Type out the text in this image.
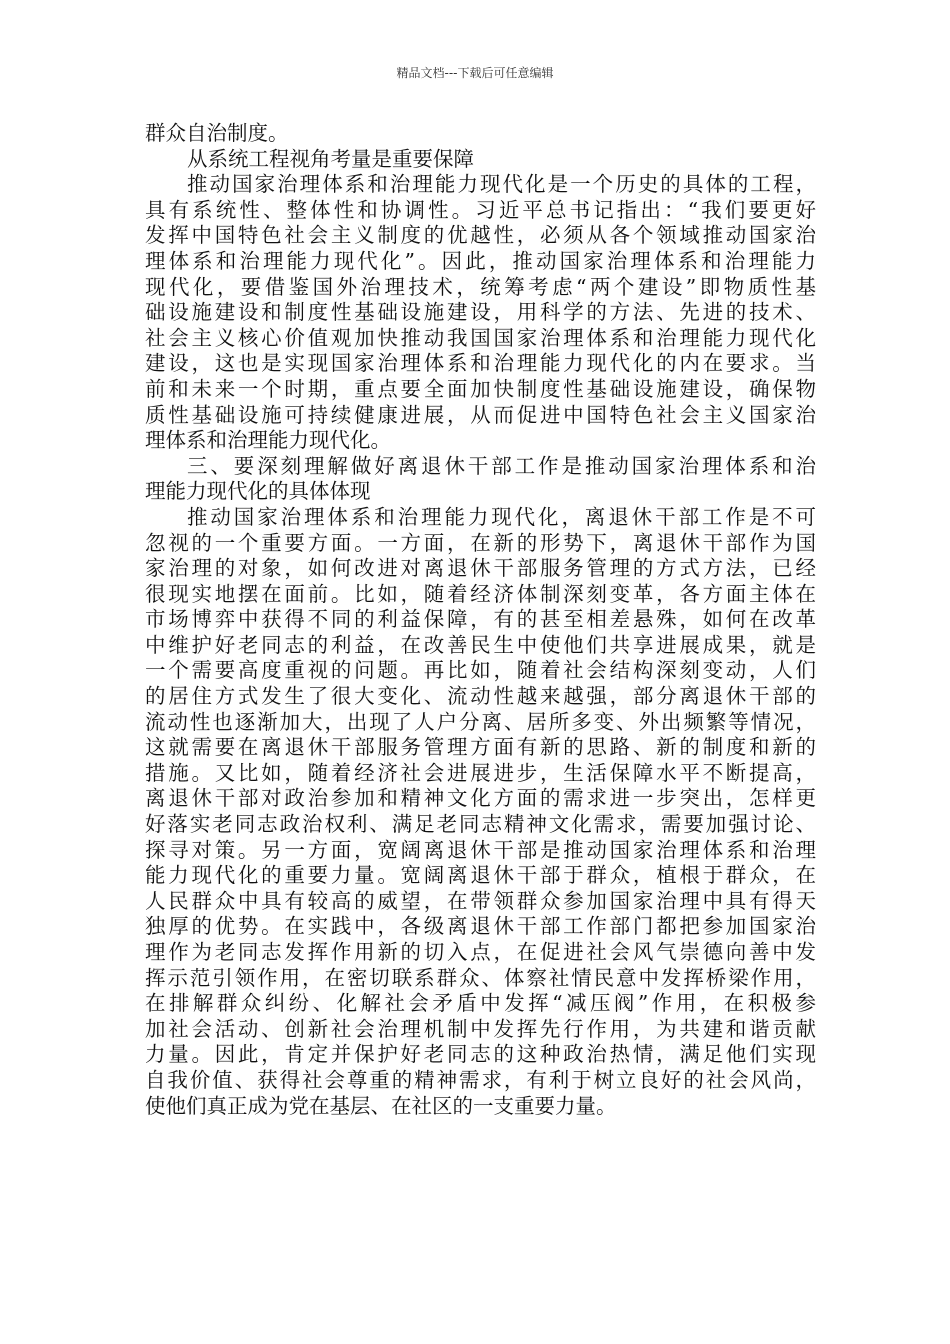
精品文档---下载后可任意编辑
群众自治制度。
从系统工程视角考量是重要保障
推动国家治理体系和治理能力现代化是一个历史的具体的工程，
具有系统性、整体性和协调性。习近平总书记指出：“我们要更好
发挥中国特色社会主义制度的优越性，必须从各个领域推动国家治
理体系和治理能力现代化”。因此，推动国家治理体系和治理能力
现代化，要借鉴国外治理技术，统筹考虑“两个建设”即物质性基
础设施建设和制度性基础设施建设，用科学的方法、先进的技术、
社会主义核心价值观加快推动我国国家治理体系和治理能力现代化
建设，这也是实现国家治理体系和治理能力现代化的内在要求。当
前和未来一个时期，重点要全面加快制度性基础设施建设，确保物
质性基础设施可持续健康进展，从而促进中国特色社会主义国家治
理体系和治理能力现代化。
三、要深刻理解做好离退休干部工作是推动国家治理体系和治
理能力现代化的具体体现
推动国家治理体系和治理能力现代化，离退休干部工作是不可
忽视的一个重要方面。一方面，在新的形势下，离退休干部作为国
家治理的对象，如何改进对离退休干部服务管理的方式方法，已经
很现实地摆在面前。比如，随着经济体制深刻变革，各方面主体在
市场博弈中获得不同的利益保障，有的甚至相差悬殊，如何在改革
中维护好老同志的利益，在改善民生中使他们共享进展成果，就是
一个需要高度重视的问题。再比如，随着社会结构深刻变动，人们
的居住方式发生了很大变化、流动性越来越强，部分离退休干部的
流动性也逐渐加大，出现了人户分离、居所多变、外出频繁等情况，
这就需要在离退休干部服务管理方面有新的思路、新的制度和新的
措施。又比如，随着经济社会进展进步，生活保障水平不断提高，
离退休干部对政治参加和精神文化方面的需求进一步突出，怎样更
好落实老同志政治权利、满足老同志精神文化需求，需要加强讨论、
探寻对策。另一方面，宽阔离退休干部是推动国家治理体系和治理
能力现代化的重要力量。宽阔离退休干部于群众，植根于群众，在
人民群众中具有较高的威望，在带领群众参加国家治理中具有得天
独厚的优势。在实践中，各级离退休干部工作部门都把参加国家治
理作为老同志发挥作用新的切入点，在促进社会风气崇德向善中发
挥示范引领作用，在密切联系群众、体察社情民意中发挥桥梁作用，
在排解群众纠纷、化解社会矛盾中发挥“减压阀”作用，在积极参
加社会活动、创新社会治理机制中发挥先行作用，为共建和谐贡献
力量。因此，肯定并保护好老同志的这种政治热情，满足他们实现
自我价值、获得社会尊重的精神需求，有利于树立良好的社会风尚，
使他们真正成为党在基层、在社区的一支重要力量。
